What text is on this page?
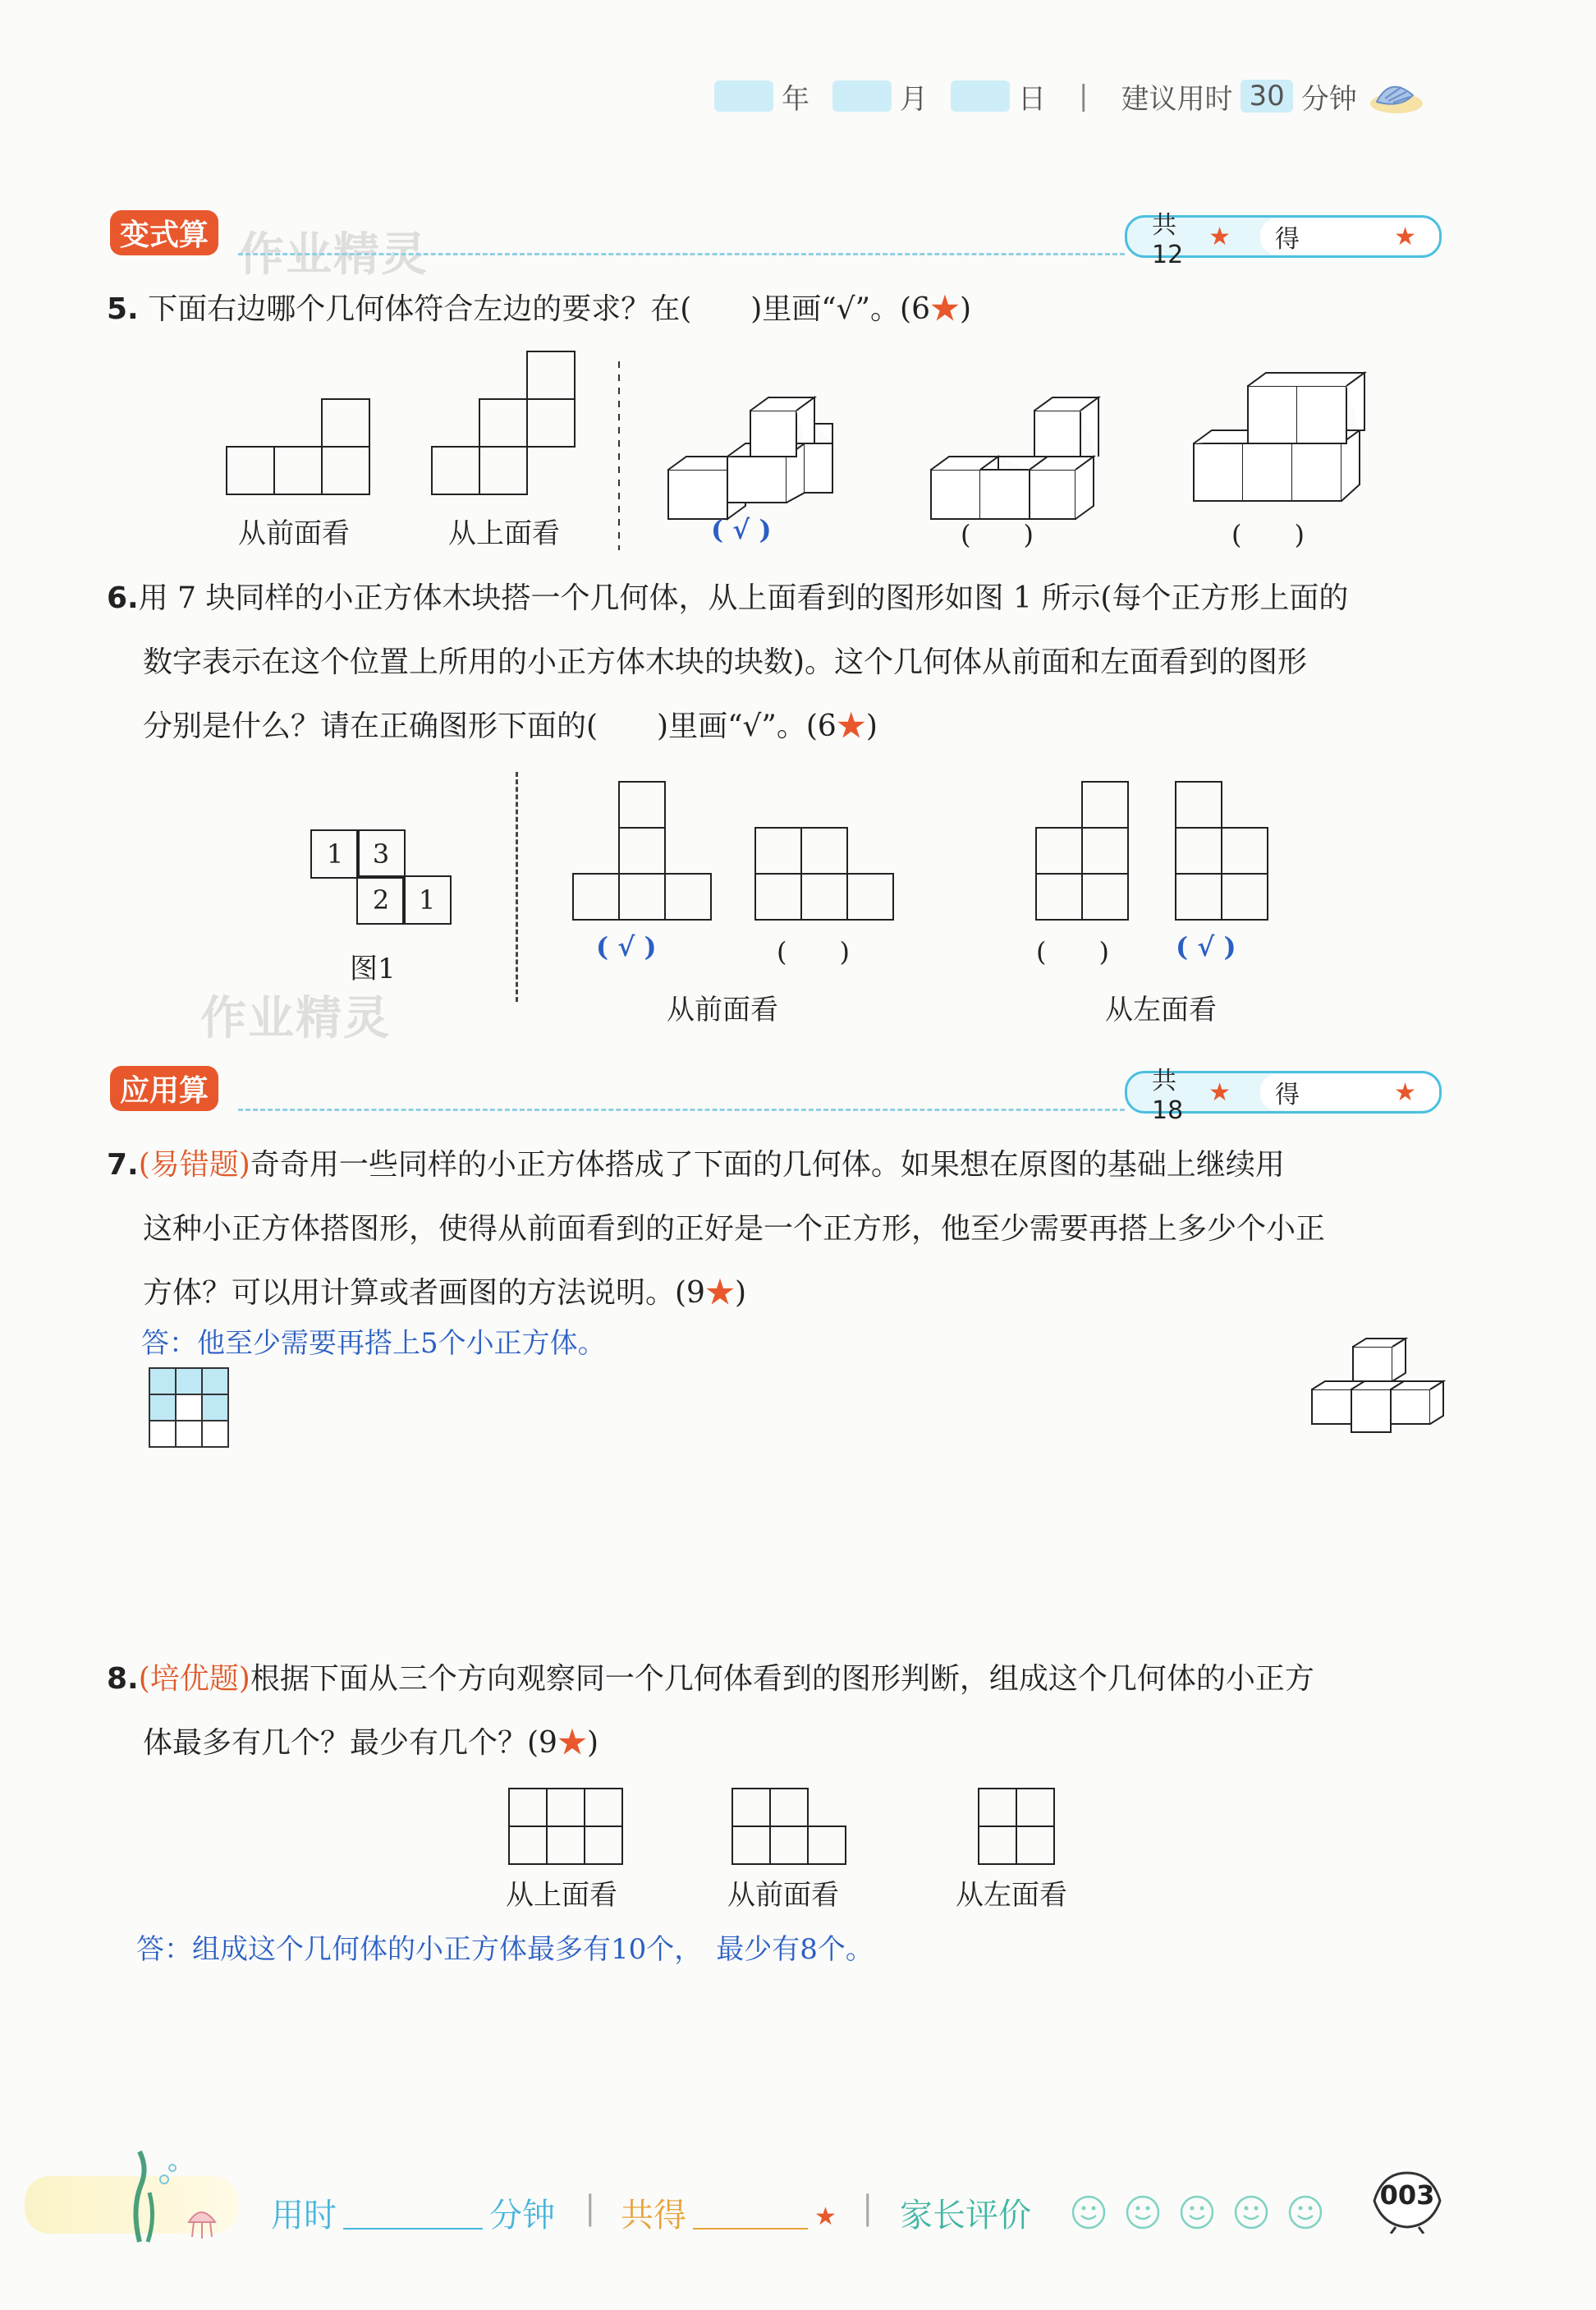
年	月	日 | 建议用时 30 分钟
变式算 作业精灵
共 12
★	得	★
5. 下面右边哪个几何体符合左边的要求？在(　　)里画“√”。(6★)
从前面看	从上面看	( √ )	(　　)	(　　)
6.用 7 块同样的小正方体木块搭一个几何体，从上面看到的图形如图 1 所示(每个正方形上面的
数字表示在这个位置上所用的小正方体木块的块数)。这个几何体从前面和左面看到的图形
分别是什么？请在正确图形下面的(　　)里画“√”。(6★)
1	3
2	1
图1
作业精灵
( √ )	(　　)	(　　)	( √ )
从前面看	从左面看
应用算	共 18
★	得	★
7.(易错题)奇奇用一些同样的小正方体搭成了下面的几何体。如果想在原图的基础上继续用
这种小正方体搭图形，使得从前面看到的正好是一个正方形，他至少需要再搭上多少个小正
方体？可以用计算或者画图的方法说明。(9★)
答：他至少需要再搭上5个小正方体。
8.(培优题)根据下面从三个方向观察同一个几何体看到的图形判断，组成这个几何体的小正方
体最多有几个？最少有几个？(9★)
从上面看	从前面看	从左面看
答：组成这个几何体的小正方体最多有10个，　最少有8个。
用时	分钟 | 共得	★ | 家长评价
003
